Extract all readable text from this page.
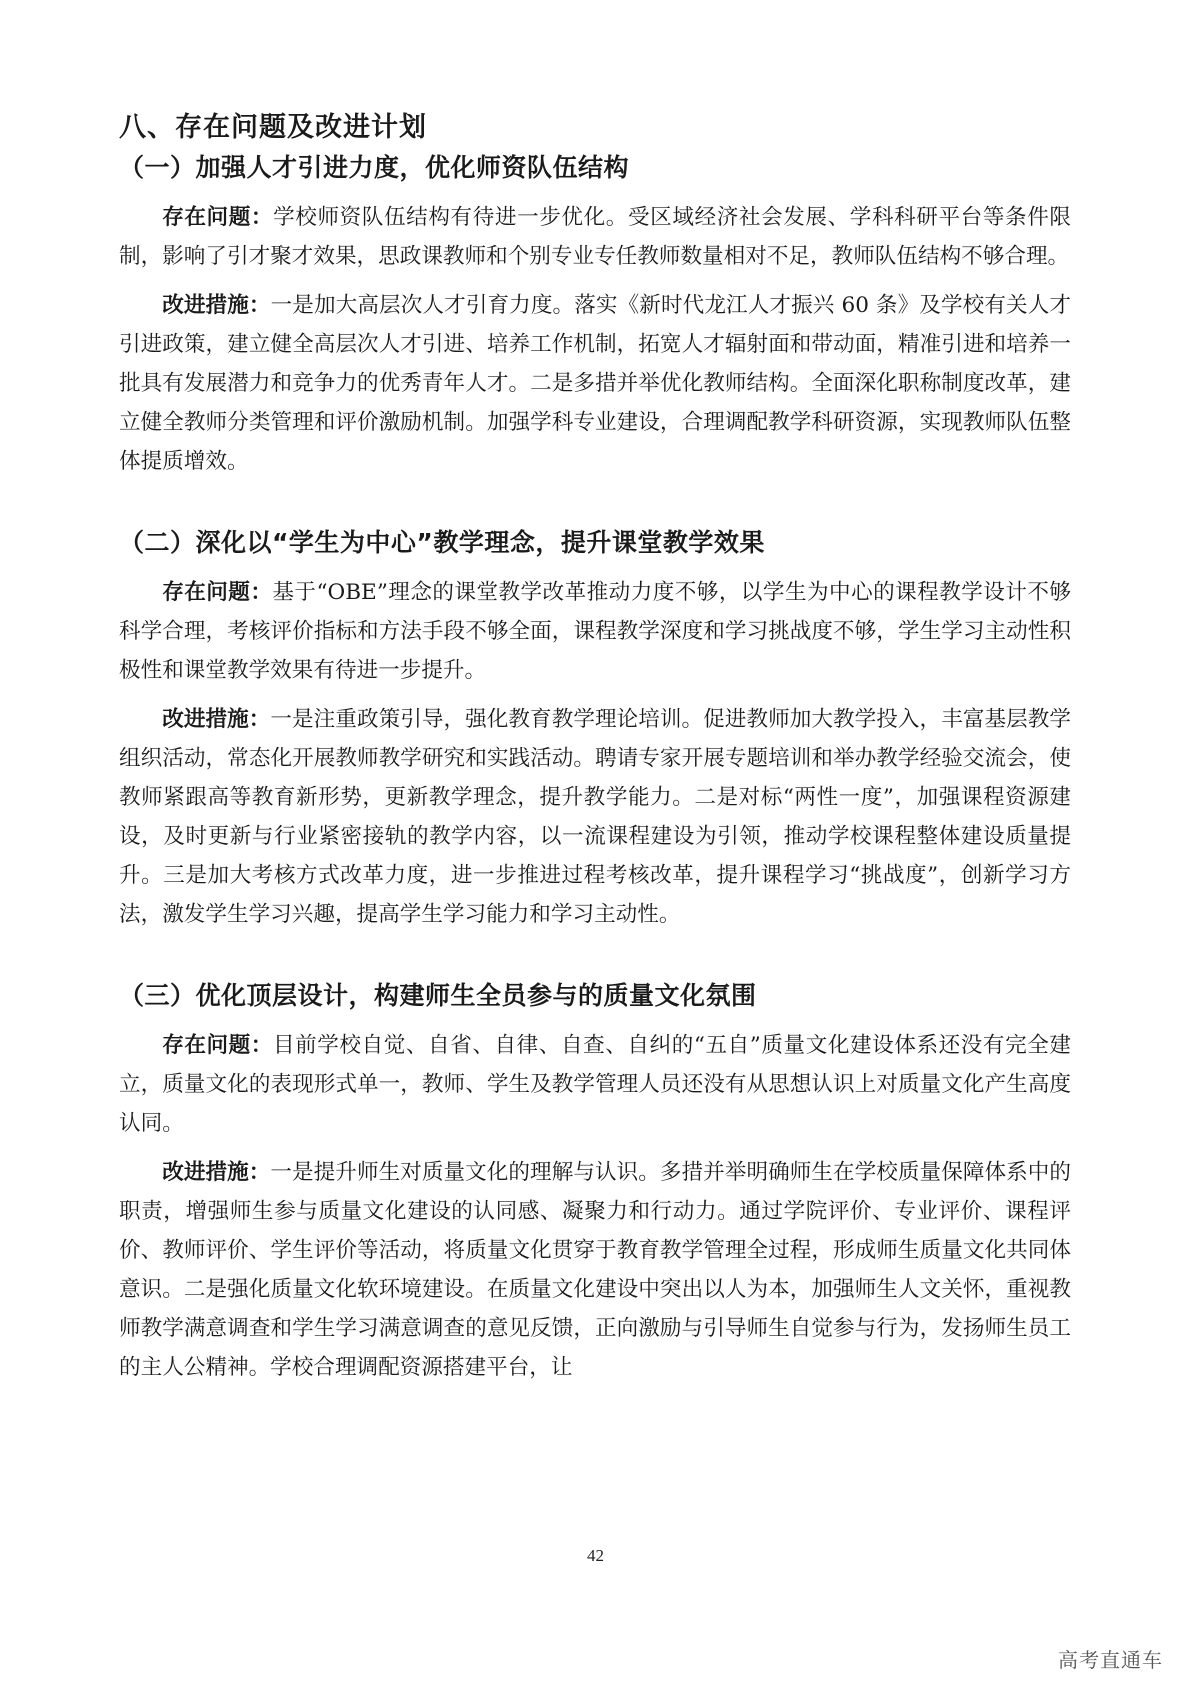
八、存在问题及改进计划
（一）加强人才引进力度，优化师资队伍结构

存在问题：学校师资队伍结构有待进一步优化。受区域经济社会发展、学科科研平台等条件限制，影响了引才聚才效果，思政课教师和个别专业专任教师数量相对不足，教师队伍结构不够合理。

改进措施：一是加大高层次人才引育力度。落实《新时代龙江人才振兴 60 条》及学校有关人才引进政策，建立健全高层次人才引进、培养工作机制，拓宽人才辐射面和带动面，精准引进和培养一批具有发展潜力和竞争力的优秀青年人才。二是多措并举优化教师结构。全面深化职称制度改革，建立健全教师分类管理和评价激励机制。加强学科专业建设，合理调配教学科研资源，实现教师队伍整体提质增效。

（二）深化以“学生为中心”教学理念，提升课堂教学效果

存在问题：基于“OBE”理念的课堂教学改革推动力度不够，以学生为中心的课程教学设计不够科学合理，考核评价指标和方法手段不够全面，课程教学深度和学习挑战度不够，学生学习主动性积极性和课堂教学效果有待进一步提升。

改进措施：一是注重政策引导，强化教育教学理论培训。促进教师加大教学投入，丰富基层教学组织活动，常态化开展教师教学研究和实践活动。聘请专家开展专题培训和举办教学经验交流会，使教师紧跟高等教育新形势，更新教学理念，提升教学能力。二是对标“两性一度”，加强课程资源建设，及时更新与行业紧密接轨的教学内容，以一流课程建设为引领，推动学校课程整体建设质量提升。三是加大考核方式改革力度，进一步推进过程考核改革，提升课程学习“挑战度”，创新学习方法，激发学生学习兴趣，提高学生学习能力和学习主动性。

（三）优化顶层设计，构建师生全员参与的质量文化氛围

存在问题：目前学校自觉、自省、自律、自查、自纠的“五自”质量文化建设体系还没有完全建立，质量文化的表现形式单一，教师、学生及教学管理人员还没有从思想认识上对质量文化产生高度认同。

改进措施：一是提升师生对质量文化的理解与认识。多措并举明确师生在学校质量保障体系中的职责，增强师生参与质量文化建设的认同感、凝聚力和行动力。通过学院评价、专业评价、课程评价、教师评价、学生评价等活动，将质量文化贯穿于教育教学管理全过程，形成师生质量文化共同体意识。二是强化质量文化软环境建设。在质量文化建设中突出以人为本，加强师生人文关怀，重视教师教学满意调查和学生学习满意调查的意见反馈，正向激励与引导师生自觉参与行为，发扬师生员工的主人公精神。学校合理调配资源搭建平台，让

42
高考直通车
